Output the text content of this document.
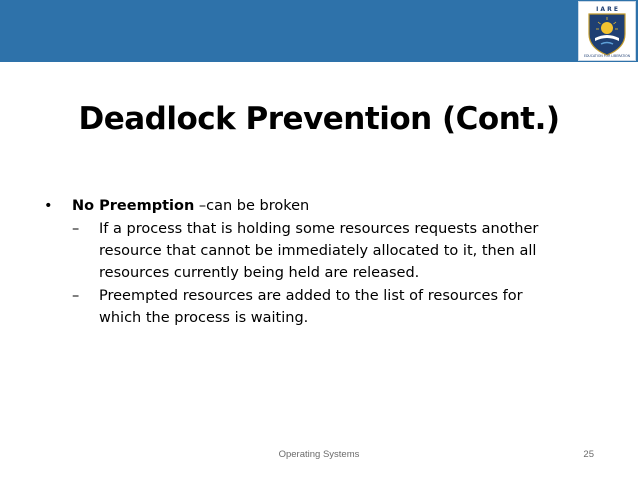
I A R E
EDUCATION FOR LIBERATION
Deadlock Prevention (Cont.)
• No Preemption –can be broken
– If a process that is holding some resources requests another resource that cannot be immediately allocated to it, then all resources currently being held are released.
– Preempted resources are added to the list of resources for which the process is waiting.
Operating Systems	25
